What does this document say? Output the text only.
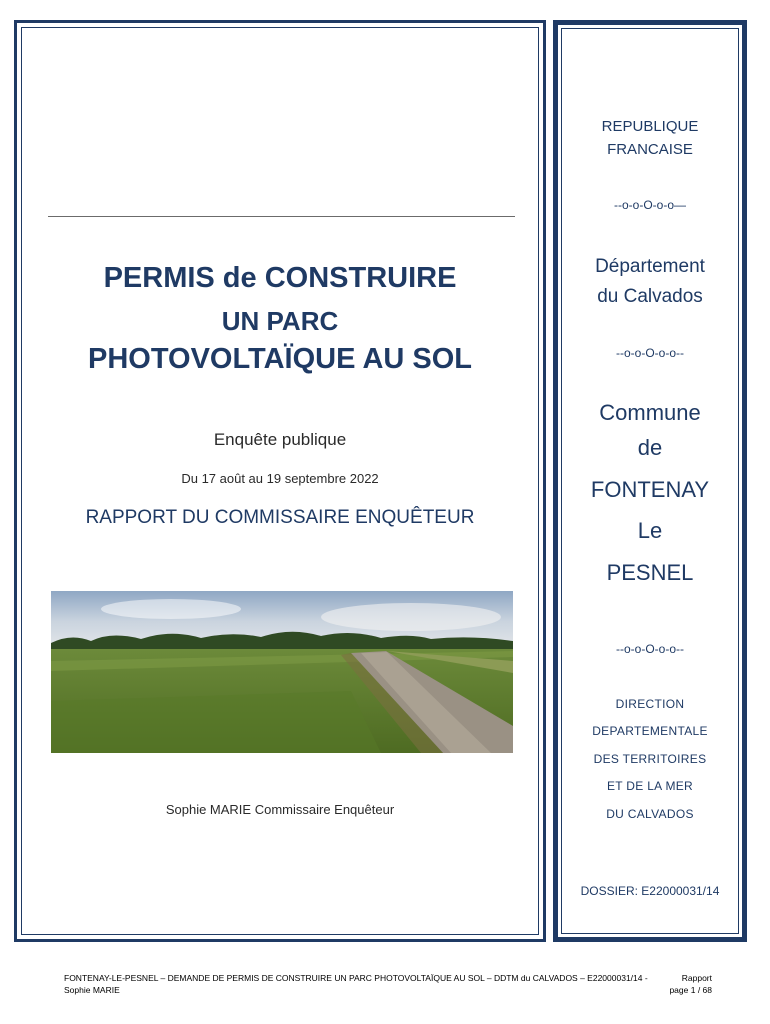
PERMIS de CONSTRUIRE
UN PARC
PHOTOVOLTAÏQUE AU SOL
Enquête publique
Du 17 août au 19 septembre 2022
RAPPORT DU COMMISSAIRE ENQUÊTEUR
Sophie MARIE Commissaire Enquêteur
REPUBLIQUE
FRANCAISE
--o-o-O-o-o—
Département
du Calvados
--o-o-O-o-o--
Commune
de
FONTENAY
Le
PESNEL
--o-o-O-o-o--
DIRECTION
DEPARTEMENTALE
DES TERRITOIRES
ET DE LA MER
DU CALVADOS
DOSSIER: E22000031/14
FONTENAY-LE-PESNEL – DEMANDE DE PERMIS DE CONSTRUIRE UN PARC PHOTOVOLTAÏQUE AU SOL – DDTM du CALVADOS – E22000031/14 -	Rapport
Sophie MARIE	page 1 / 68
